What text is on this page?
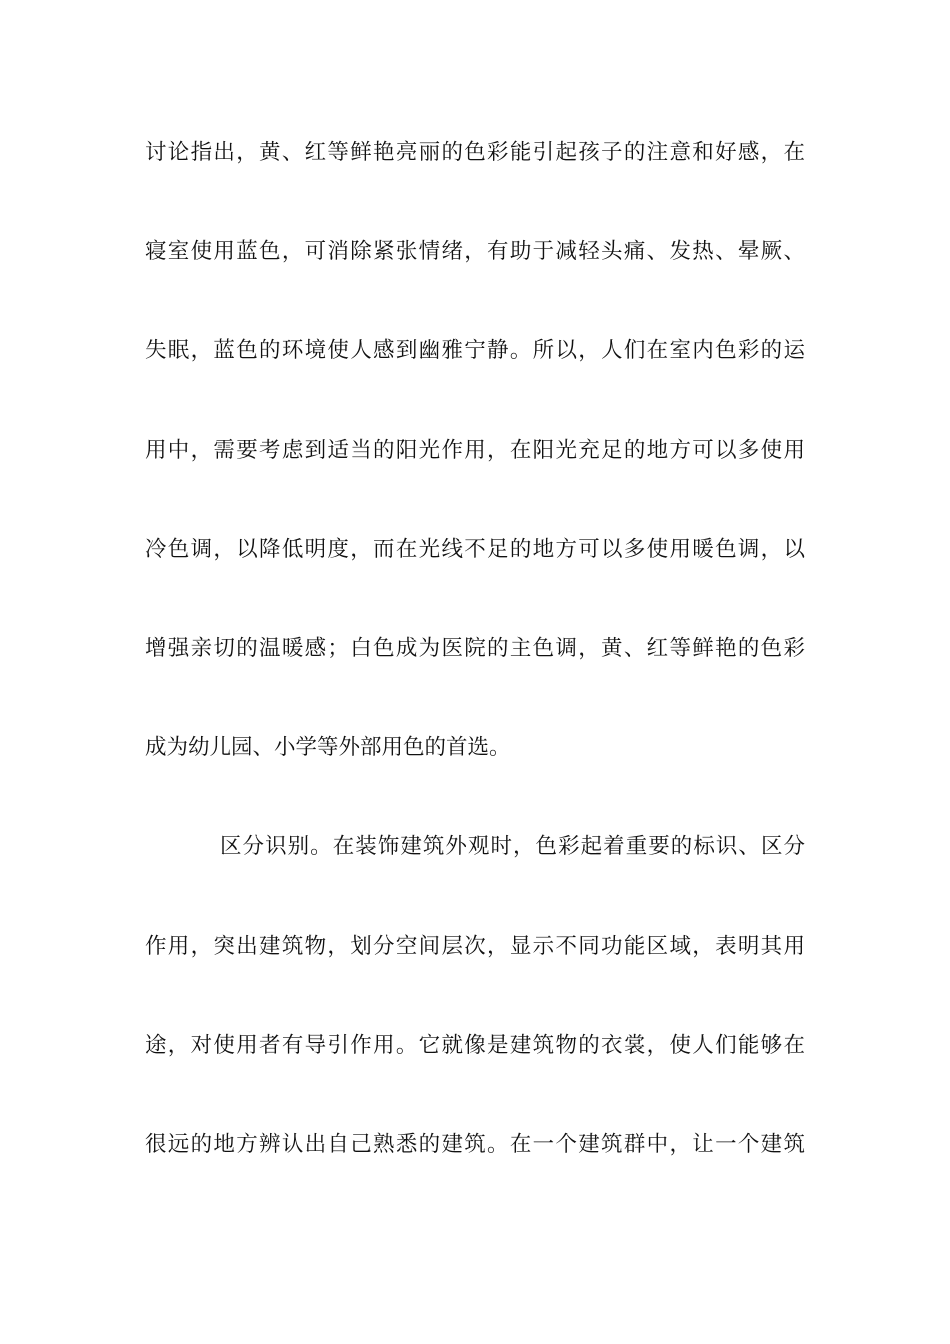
讨论指出，黄、红等鲜艳亮丽的色彩能引起孩子的注意和好感，在
寝室使用蓝色，可消除紧张情绪，有助于减轻头痛、发热、晕厥、
失眠，蓝色的环境使人感到幽雅宁静。所以，人们在室内色彩的运
用中，需要考虑到适当的阳光作用，在阳光充足的地方可以多使用
冷色调，以降低明度，而在光线不足的地方可以多使用暖色调，以
增强亲切的温暖感；白色成为医院的主色调，黄、红等鲜艳的色彩
成为幼儿园、小学等外部用色的首选。
区分识别。在装饰建筑外观时，色彩起着重要的标识、区分
作用，突出建筑物，划分空间层次，显示不同功能区域，表明其用
途，对使用者有导引作用。它就像是建筑物的衣裳，使人们能够在
很远的地方辨认出自己熟悉的建筑。在一个建筑群中，让一个建筑
